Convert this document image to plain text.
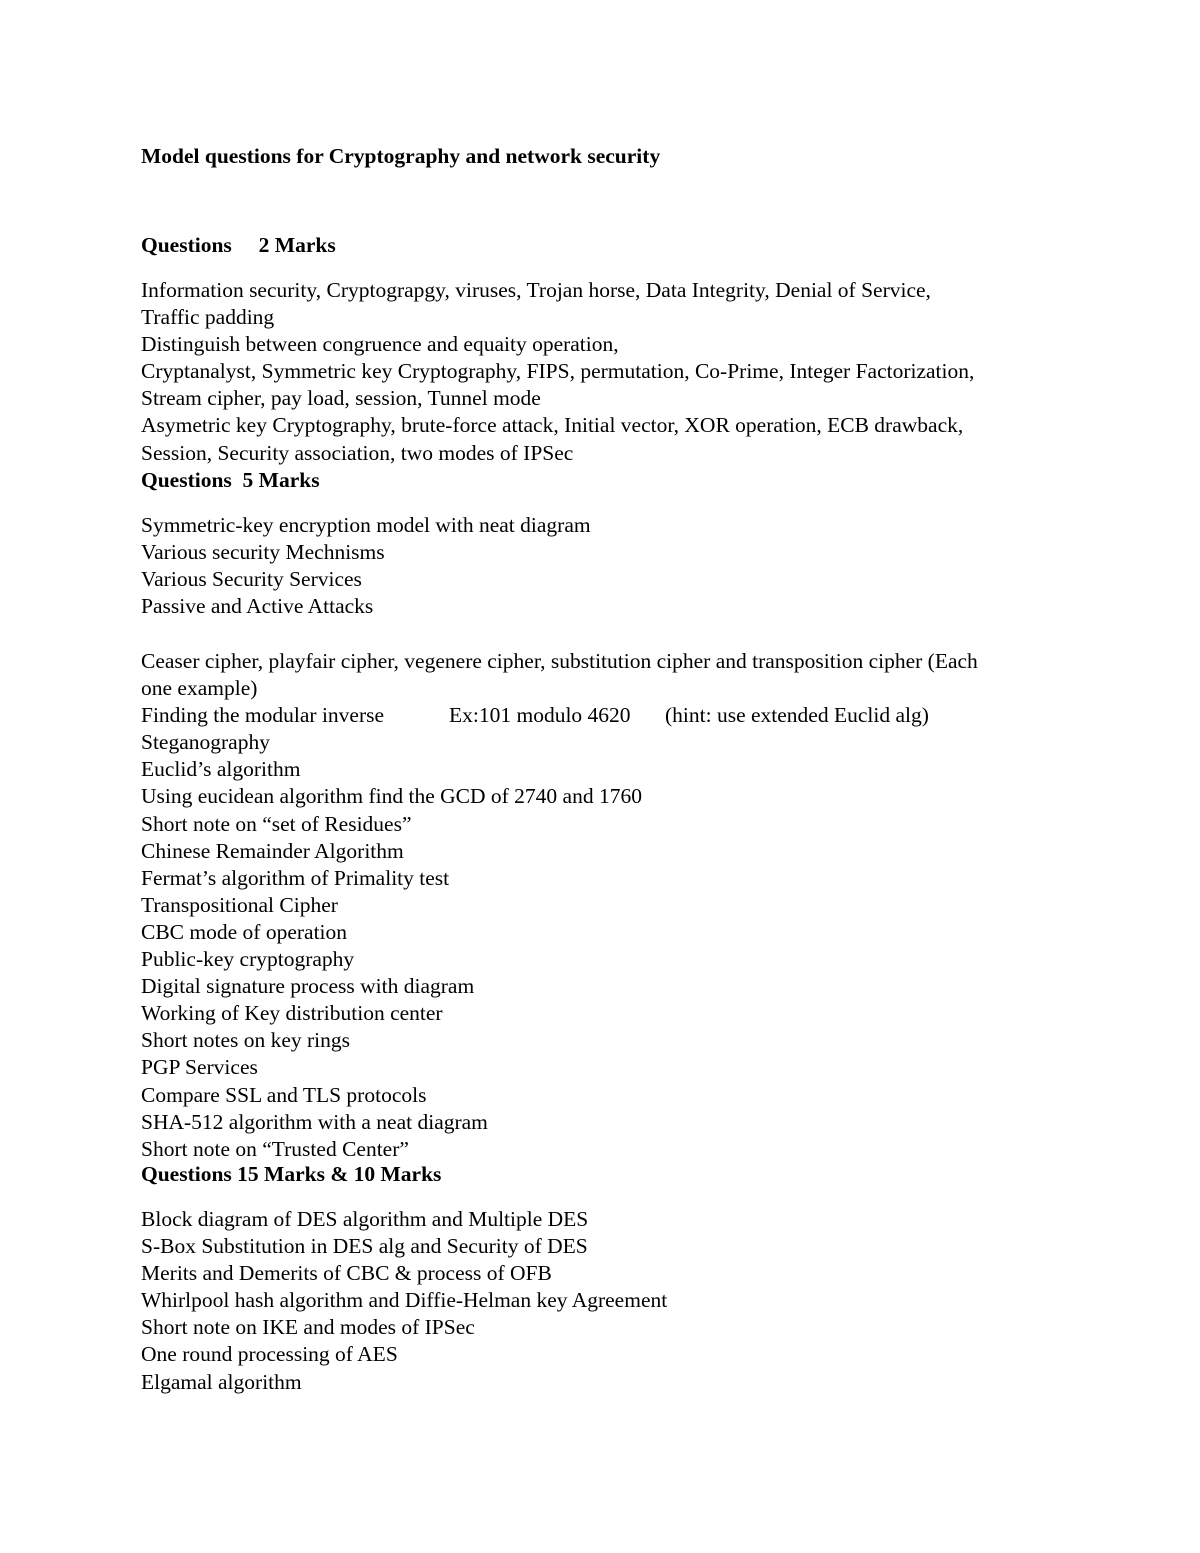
Model questions for Cryptography and network security
Questions     2 Marks
Information security, Cryptograpgy, viruses, Trojan horse, Data Integrity, Denial of Service,
Traffic padding
Distinguish between congruence and equaity operation,
Cryptanalyst, Symmetric key Cryptography, FIPS, permutation, Co-Prime, Integer Factorization,
Stream cipher, pay load, session, Tunnel mode
Asymetric key Cryptography, brute-force attack, Initial vector, XOR operation, ECB drawback,
Session, Security association, two modes of IPSec
Questions  5 Marks
Symmetric-key encryption model with neat diagram
Various security Mechnisms
Various Security Services
Passive and Active Attacks
Ceaser cipher, playfair cipher, vegenere cipher, substitution cipher and transposition cipher (Each
one example)
Finding the modular inverse	Ex:101 modulo 4620 (hint: use extended Euclid alg)
Steganography
Euclid’s algorithm
Using eucidean algorithm find the GCD of 2740 and 1760
Short note on “set of Residues”
Chinese Remainder Algorithm
Fermat’s algorithm of Primality test
Transpositional Cipher
CBC mode of operation
Public-key cryptography
Digital signature process with diagram
Working of Key distribution center
Short notes on key rings
PGP Services
Compare SSL and TLS protocols
SHA-512 algorithm with a neat diagram
Short note on “Trusted Center”
Questions 15 Marks & 10 Marks
Block diagram of DES algorithm and Multiple DES
S-Box Substitution in DES alg and Security of DES
Merits and Demerits of CBC & process of OFB
Whirlpool hash algorithm and Diffie-Helman key Agreement
Short note on IKE and modes of IPSec
One round processing of AES
Elgamal algorithm
